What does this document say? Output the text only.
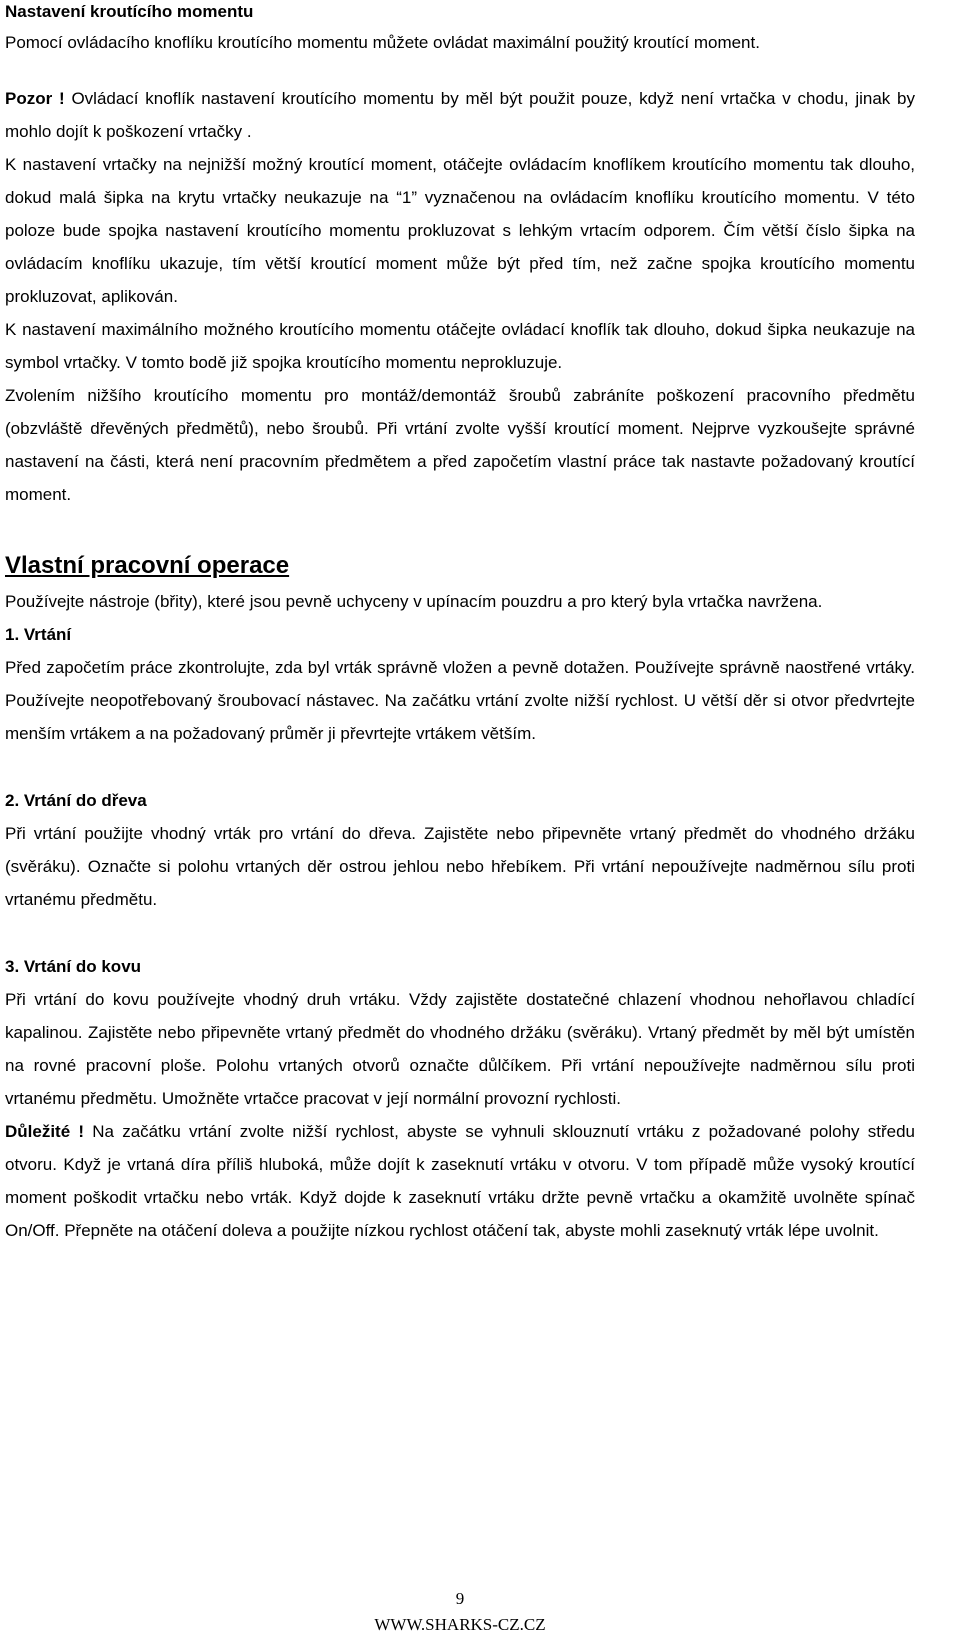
Nastavení kroutícího momentu

Pomocí ovládacího knoflíku kroutícího momentu můžete ovládat maximální použitý kroutící moment.

Pozor ! Ovládací knoflík nastavení kroutícího momentu by měl být použit pouze, když není vrtačka v chodu, jinak by mohlo dojít k poškození vrtačky .

K nastavení vrtačky na nejnižší možný kroutící moment, otáčejte ovládacím knoflíkem kroutícího momentu tak dlouho, dokud malá šipka na krytu vrtačky neukazuje na “1” vyznačenou na ovládacím knoflíku kroutícího momentu. V této poloze bude spojka nastavení kroutícího momentu prokluzovat s lehkým vrtacím odporem. Čím větší číslo šipka na ovládacím knoflíku ukazuje, tím větší kroutící moment může být před tím, než začne spojka kroutícího momentu prokluzovat, aplikován.

K nastavení maximálního možného kroutícího momentu otáčejte ovládací knoflík tak dlouho, dokud šipka neukazuje na symbol vrtačky. V tomto bodě již spojka kroutícího momentu neprokluzuje.

Zvolením nižšího kroutícího momentu pro montáž/demontáž šroubů zabráníte poškození pracovního předmětu (obzvláště dřevěných předmětů), nebo šroubů. Při vrtání zvolte vyšší kroutící moment. Nejprve vyzkoušejte správné nastavení na části, která není pracovním předmětem a před započetím vlastní práce tak nastavte požadovaný kroutící moment.

Vlastní pracovní operace

Používejte nástroje (břity), které jsou pevně uchyceny v upínacím pouzdru a pro který byla vrtačka navržena.

1. Vrtání

Před započetím práce zkontrolujte, zda byl vrták správně vložen a pevně dotažen. Používejte správně naostřené vrtáky. Používejte neopotřebovaný šroubovací nástavec. Na začátku vrtání zvolte nižší rychlost. U větší děr si otvor předvrtejte menším vrtákem a na požadovaný průměr ji převrtejte vrtákem větším.

2. Vrtání do dřeva

Při vrtání použijte vhodný vrták pro vrtání do dřeva. Zajistěte nebo připevněte vrtaný předmět do vhodného držáku (svěráku). Označte si polohu vrtaných děr ostrou jehlou nebo hřebíkem. Při vrtání nepoužívejte nadměrnou sílu proti vrtanému předmětu.

3. Vrtání do kovu

Při vrtání do kovu používejte vhodný druh vrtáku. Vždy zajistěte dostatečné chlazení vhodnou nehořlavou chladící kapalinou. Zajistěte nebo připevněte vrtaný předmět do vhodného držáku (svěráku). Vrtaný předmět by měl být umístěn na rovné pracovní ploše. Polohu vrtaných otvorů označte důlčíkem. Při vrtání nepoužívejte nadměrnou sílu proti vrtanému předmětu. Umožněte vrtačce pracovat v její normální provozní rychlosti.

Důležité ! Na začátku vrtání zvolte nižší rychlost, abyste se vyhnuli sklouznutí vrtáku z požadované polohy středu otvoru. Když je vrtaná díra příliš hluboká, může dojít k zaseknutí vrtáku v otvoru. V tom případě může vysoký kroutící moment poškodit vrtačku nebo vrták. Když dojde k zaseknutí vrtáku držte pevně vrtačku a okamžitě uvolněte spínač On/Off. Přepněte na otáčení doleva a použijte nízkou rychlost otáčení tak, abyste mohli zaseknutý vrták lépe uvolnit.

9
WWW.SHARKS-CZ.CZ
